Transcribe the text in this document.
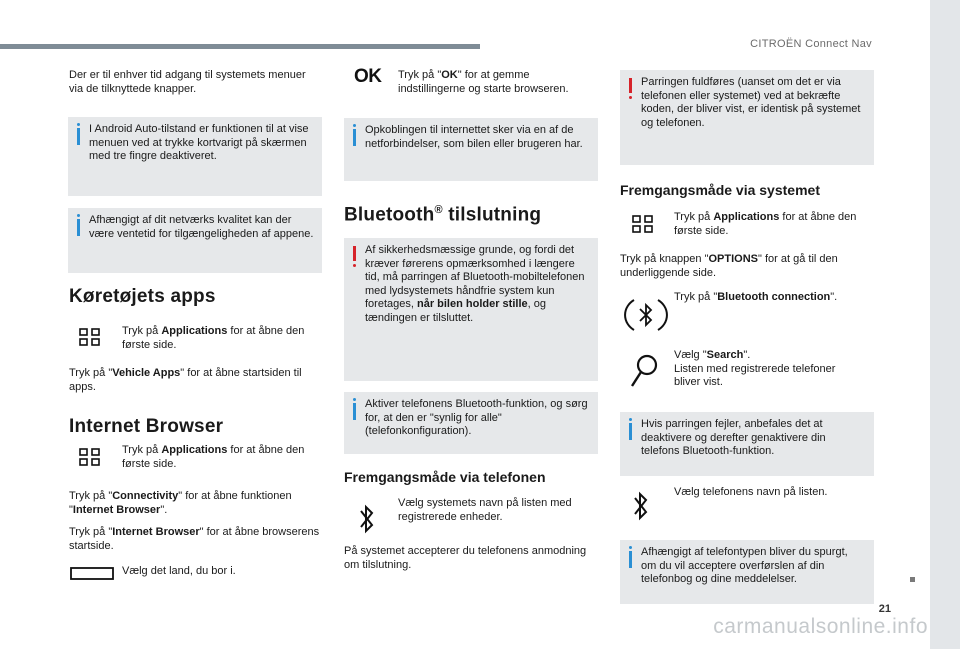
CITROËN Connect Nav
21
carmanualsonline.info

Der er til enhver tid adgang til systemets menuer via de tilknyttede knapper.

I Android Auto-tilstand er funktionen til at vise menuen ved at trykke kortvarigt på skærmen med tre fingre deaktiveret.

Afhængigt af dit netværks kvalitet kan der være ventetid for tilgængeligheden af appene.

Køretøjets apps

Tryk på Applications for at åbne den første side.

Tryk på "Vehicle Apps" for at åbne startsiden til apps.

Internet Browser

Tryk på Applications for at åbne den første side.

Tryk på "Connectivity" for at åbne funktionen "Internet Browser".

Tryk på "Internet Browser" for at åbne browserens startside.

Vælg det land, du bor i.

OK Tryk på "OK" for at gemme indstillingerne og starte browseren.

Opkoblingen til internettet sker via en af de netforbindelser, som bilen eller brugeren har.

Bluetooth® tilslutning

Af sikkerhedsmæssige grunde, og fordi det kræver førerens opmærksomhed i længere tid, må parringen af Bluetooth-mobiltelefonen med lydsystemets håndfrie system kun foretages, når bilen holder stille, og tændingen er tilsluttet.

Aktiver telefonens Bluetooth-funktion, og sørg for, at den er "synlig for alle" (telefonkonfiguration).

Fremgangsmåde via telefonen

Vælg systemets navn på listen med registrerede enheder.

På systemet accepterer du telefonens anmodning om tilslutning.

Parringen fuldføres (uanset om det er via telefonen eller systemet) ved at bekræfte koden, der bliver vist, er identisk på systemet og telefonen.

Fremgangsmåde via systemet

Tryk på Applications for at åbne den første side.

Tryk på knappen "OPTIONS" for at gå til den underliggende side.

Tryk på "Bluetooth connection".

Vælg "Search".
Listen med registrerede telefoner bliver vist.

Hvis parringen fejler, anbefales det at deaktivere og derefter genaktivere din telefons Bluetooth-funktion.

Vælg telefonens navn på listen.

Afhængigt af telefontypen bliver du spurgt, om du vil acceptere overførslen af din telefonbog og dine meddelelser.
